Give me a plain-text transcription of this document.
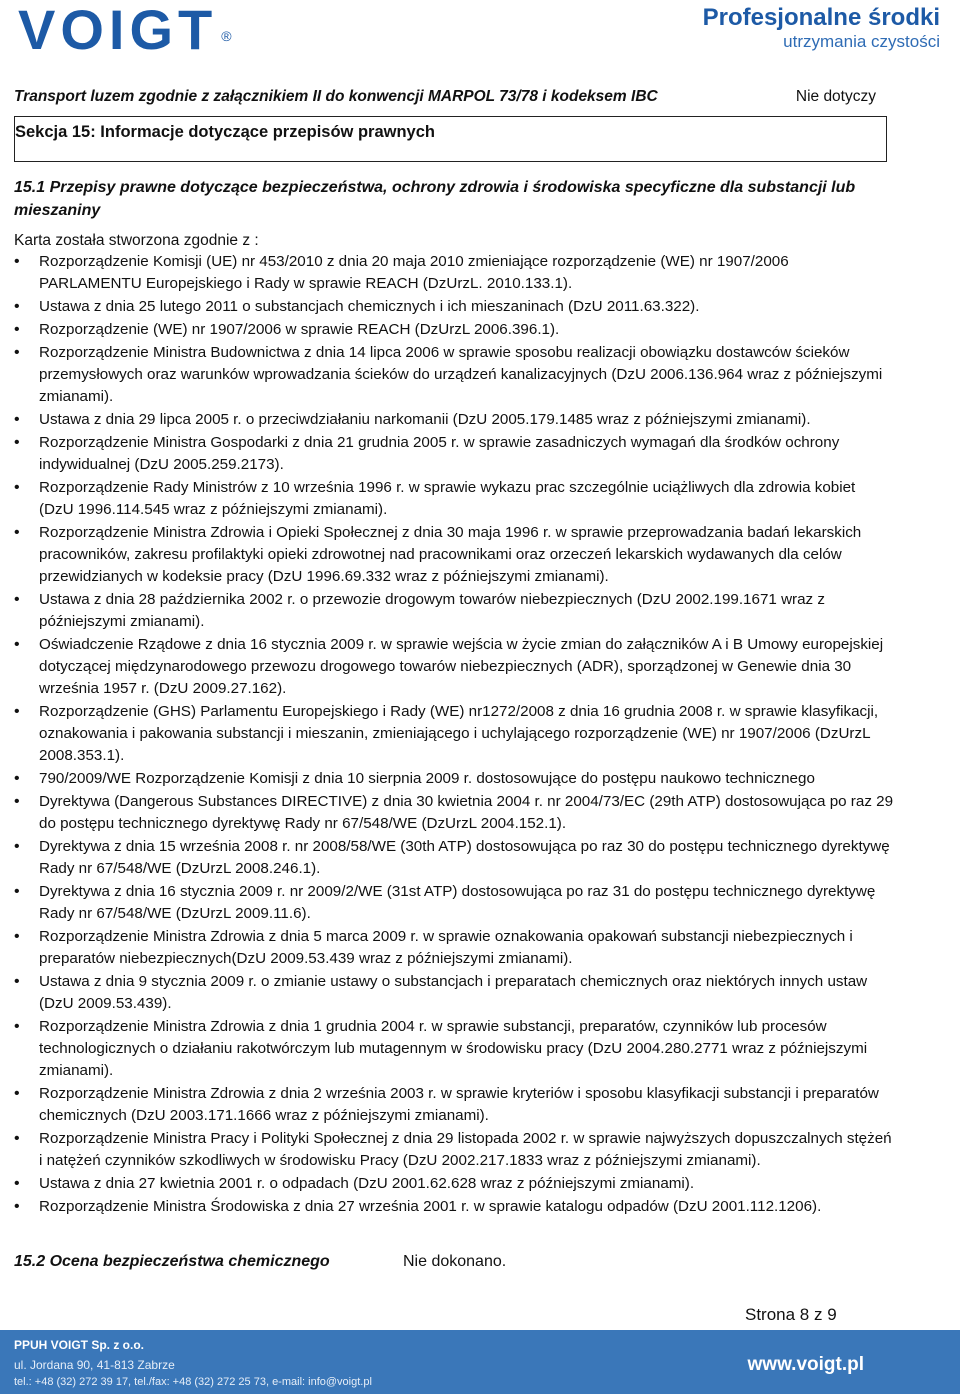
VOIGT ®
Profesjonalne środki
utrzymania czystości
Transport luzem zgodnie z załącznikiem II do konwencji MARPOL 73/78 i kodeksem IBC	Nie dotyczy
Sekcja 15: Informacje dotyczące przepisów prawnych
15.1 Przepisy prawne dotyczące bezpieczeństwa, ochrony zdrowia i środowiska specyficzne dla substancji lub mieszaniny
Karta została stworzona zgodnie z :
• Rozporządzenie Komisji (UE) nr 453/2010 z dnia 20 maja 2010 zmieniające rozporządzenie (WE) nr 1907/2006 PARLAMENTU Europejskiego i Rady w sprawie REACH (DzUrzL. 2010.133.1).
• Ustawa z dnia 25 lutego 2011 o substancjach chemicznych i ich mieszaninach (DzU 2011.63.322).
• Rozporządzenie (WE) nr 1907/2006 w sprawie REACH (DzUrzL 2006.396.1).
• Rozporządzenie Ministra Budownictwa z dnia 14 lipca 2006 w sprawie sposobu realizacji obowiązku dostawców ścieków przemysłowych oraz warunków wprowadzania ścieków do urządzeń kanalizacyjnych (DzU 2006.136.964 wraz z późniejszymi zmianami).
• Ustawa z dnia 29 lipca 2005 r. o przeciwdziałaniu narkomanii (DzU 2005.179.1485 wraz z późniejszymi zmianami).
• Rozporządzenie Ministra Gospodarki z dnia 21 grudnia 2005 r. w sprawie zasadniczych wymagań dla środków ochrony indywidualnej (DzU 2005.259.2173).
• Rozporządzenie Rady Ministrów z 10 września 1996 r. w sprawie wykazu prac szczególnie uciążliwych dla zdrowia kobiet (DzU 1996.114.545 wraz z późniejszymi zmianami).
• Rozporządzenie Ministra Zdrowia i Opieki Społecznej z dnia 30 maja 1996 r. w sprawie przeprowadzania badań lekarskich pracowników, zakresu profilaktyki opieki zdrowotnej nad pracownikami oraz orzeczeń lekarskich wydawanych dla celów przewidzianych w kodeksie pracy (DzU 1996.69.332 wraz z późniejszymi zmianami).
• Ustawa z dnia 28 października 2002 r. o przewozie drogowym towarów niebezpiecznych (DzU 2002.199.1671 wraz z późniejszymi zmianami).
• Oświadczenie Rządowe z dnia 16 stycznia 2009 r. w sprawie wejścia w życie zmian do załączników A i B Umowy europejskiej dotyczącej międzynarodowego przewozu drogowego towarów niebezpiecznych (ADR), sporządzonej w Genewie dnia 30 września 1957 r. (DzU 2009.27.162).
• Rozporządzenie (GHS) Parlamentu Europejskiego i Rady (WE) nr1272/2008 z dnia 16 grudnia 2008 r. w sprawie klasyfikacji, oznakowania i pakowania substancji i mieszanin, zmieniającego i uchylającego rozporządzenie (WE) nr 1907/2006 (DzUrzL 2008.353.1).
• 790/2009/WE Rozporządzenie Komisji z dnia 10 sierpnia 2009 r. dostosowujące do postępu naukowo technicznego
• Dyrektywa (Dangerous Substances DIRECTIVE) z dnia 30 kwietnia 2004 r. nr 2004/73/EC (29th ATP) dostosowująca po raz 29 do postępu technicznego dyrektywę Rady nr 67/548/WE (DzUrzL 2004.152.1).
• Dyrektywa z dnia 15 września 2008 r. nr 2008/58/WE (30th ATP) dostosowująca po raz 30 do postępu technicznego dyrektywę Rady nr 67/548/WE (DzUrzL 2008.246.1).
• Dyrektywa z dnia 16 stycznia 2009 r. nr 2009/2/WE (31st ATP) dostosowująca po raz 31 do postępu technicznego dyrektywę Rady nr 67/548/WE (DzUrzL 2009.11.6).
• Rozporządzenie Ministra Zdrowia z dnia 5 marca 2009 r. w sprawie oznakowania opakowań substancji niebezpiecznych i preparatów niebezpiecznych(DzU 2009.53.439 wraz z późniejszymi zmianami).
• Ustawa z dnia 9 stycznia 2009 r. o zmianie ustawy o substancjach i preparatach chemicznych oraz niektórych innych ustaw (DzU 2009.53.439).
• Rozporządzenie Ministra Zdrowia z dnia 1 grudnia 2004 r. w sprawie substancji, preparatów, czynników lub procesów technologicznych o działaniu rakotwórczym lub mutagennym w środowisku pracy (DzU 2004.280.2771 wraz z późniejszymi zmianami).
• Rozporządzenie Ministra Zdrowia z dnia 2 września 2003 r. w sprawie kryteriów i sposobu klasyfikacji substancji i preparatów chemicznych (DzU 2003.171.1666 wraz z późniejszymi zmianami).
• Rozporządzenie Ministra Pracy i Polityki Społecznej z dnia 29 listopada 2002 r. w sprawie najwyższych dopuszczalnych stężeń i natężeń czynników szkodliwych w środowisku Pracy (DzU 2002.217.1833 wraz z późniejszymi zmianami).
• Ustawa z dnia 27 kwietnia 2001 r. o odpadach (DzU 2001.62.628 wraz z późniejszymi zmianami).
• Rozporządzenie Ministra Środowiska z dnia 27 września 2001 r. w sprawie katalogu odpadów (DzU 2001.112.1206).
15.2 Ocena bezpieczeństwa chemicznego	Nie dokonano.
Strona 8 z 9
PPUH VOIGT Sp. z o.o.
ul. Jordana 90, 41-813 Zabrze
tel.: +48 (32) 272 39 17, tel./fax: +48 (32) 272 25 73, e-mail: info@voigt.pl
www.voigt.pl
